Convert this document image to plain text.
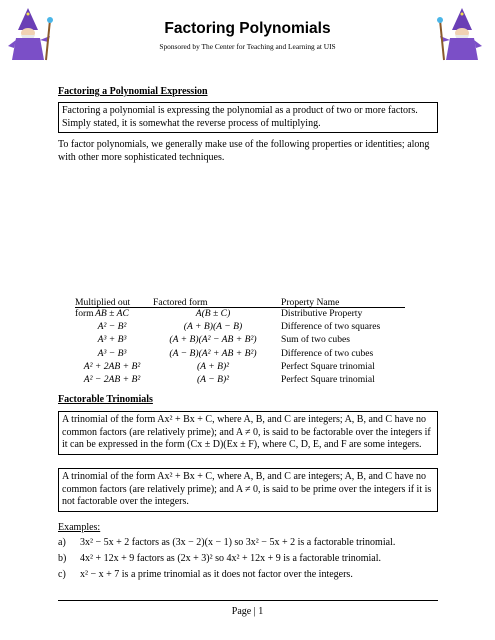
Factoring Polynomials
Sponsored by The Center for Teaching and Learning at UIS
Factoring a Polynomial Expression
Factoring a polynomial is expressing the polynomial as a product of two or more factors. Simply stated, it is somewhat the reverse process of multiplying.
To factor polynomials, we generally make use of the following properties or identities; along with other more sophisticated techniques.
Multiplied out form
Factored form	Property Name
AB ± AC	A(B ± C)	Distributive Property
A² − B²	(A + B)(A − B)	Difference of two squares
A³ + B³	(A + B)(A² − AB + B²)	Sum of two cubes
A³ − B³	(A − B)(A² + AB + B²)	Difference of two cubes
A² + 2AB + B²	(A + B)²	Perfect Square trinomial
A² − 2AB + B²	(A − B)²	Perfect Square trinomial
Factorable Trinomials
A trinomial of the form Ax² + Bx + C, where A, B, and C are integers; A, B, and C have no common factors (are relatively prime); and A ≠ 0, is said to be factorable over the integers if it can be expressed in the form (Cx ± D)(Ex ± F), where C, D, E, and F are some integers.
A trinomial of the form Ax² + Bx + C, where A, B, and C are integers; A, B, and C have no common factors (are relatively prime); and A ≠ 0, is said to be prime over the integers if it is not factorable over the integers.
Examples:
a) 3x² − 5x + 2 factors as (3x − 2)(x − 1) so 3x² − 5x + 2 is a factorable trinomial.
b) 4x² + 12x + 9 factors as (2x + 3)² so 4x² + 12x + 9 is a factorable trinomial.
c) x² − x + 7 is a prime trinomial as it does not factor over the integers.
Page | 1
